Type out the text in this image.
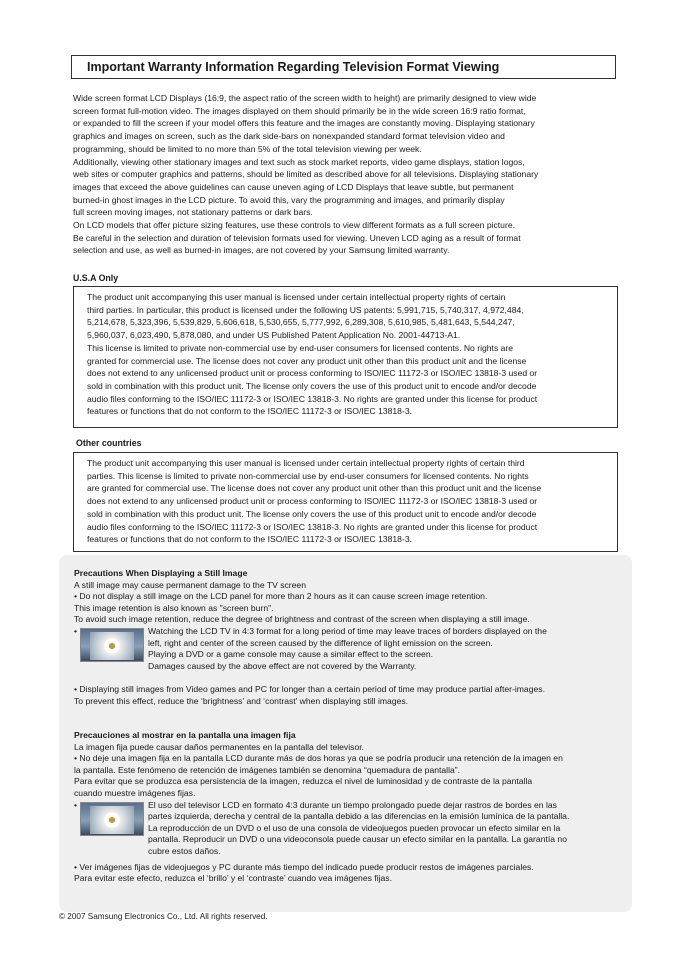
Important Warranty Information Regarding Television Format Viewing
Wide screen format LCD Displays (16:9, the aspect ratio of the screen width to height) are primarily designed to view wide
screen format full-motion video. The images displayed on them should primarily be in the wide screen 16:9 ratio format,
or expanded to fill the screen if your model offers this feature and the images are constantly moving. Displaying stationary
graphics and images on screen, such as the dark side-bars on nonexpanded standard format television video and
programming, should be limited to no more than 5% of the total television viewing per week.
Additionally, viewing other stationary images and text such as stock market reports, video game displays, station logos,
web sites or computer graphics and patterns, should be limited as described above for all televisions. Displaying stationary
images that exceed the above guidelines can cause uneven aging of LCD Displays that leave subtle, but permanent
burned-in ghost images in the LCD picture. To avoid this, vary the programming and images, and primarily display
full screen moving images, not stationary patterns or dark bars.
On LCD models that offer picture sizing features, use these controls to view different formats as a full screen picture.
Be careful in the selection and duration of television formats used for viewing. Uneven LCD aging as a result of format
selection and use, as well as burned-in images, are not covered by your Samsung limited warranty.
U.S.A Only
The product unit accompanying this user manual is licensed under certain intellectual property rights of certain
third parties. In particular, this product is licensed under the following US patents: 5,991,715, 5,740,317, 4,972,484,
5,214,678, 5,323,396, 5,539,829, 5,606,618, 5,530,655, 5,777,992, 6,289,308, 5,610,985, 5,481,643, 5,544,247,
5,960,037, 6,023,490, 5,878,080, and under US Published Patent Application No. 2001-44713-A1.
This license is limited to private non-commercial use by end-user consumers for licensed contents. No rights are
granted for commercial use. The license does not cover any product unit other than this product unit and the license
does not extend to any unlicensed product unit or process conforming to ISO/IEC 11172-3 or ISO/IEC 13818-3 used or
sold in combination with this product unit. The license only covers the use of this product unit to encode and/or decode
audio files conforming to the ISO/IEC 11172-3 or ISO/IEC 13818-3. No rights are granted under this license for product
features or functions that do not conform to the ISO/IEC 11172-3 or ISO/IEC 13818-3.
Other countries
The product unit accompanying this user manual is licensed under certain intellectual property rights of certain third
parties. This license is limited to private non-commercial use by end-user consumers for licensed contents. No rights
are granted for commercial use. The license does not cover any product unit other than this product unit and the license
does not extend to any unlicensed product unit or process conforming to ISO/IEC 11172-3 or ISO/IEC 13818-3 used or
sold in combination with this product unit. The license only covers the use of this product unit to encode and/or decode
audio files conforming to the ISO/IEC 11172-3 or ISO/IEC 13818-3. No rights are granted under this license for product
features or functions that do not conform to the ISO/IEC 11172-3 or ISO/IEC 13818-3.
Precautions When Displaying a Still Image
A still image may cause permanent damage to the TV screen
• Do not display a still image on the LCD panel for more than 2 hours as it can cause screen image retention.
This image retention is also known as "screen burn".
To avoid such image retention, reduce the degree of brightness and contrast of the screen when displaying a still image.
•	Watching the LCD TV in 4:3 format for a long period of time may leave traces of borders displayed on the
left, right and center of the screen caused by the difference of light emission on the screen.
Playing a DVD or a game console may cause a similar effect to the screen.
Damages caused by the above effect are not covered by the Warranty.
• Displaying still images from Video games and PC for longer than a certain period of time may produce partial after-images.
To prevent this effect, reduce the ‘brightness’ and ‘contrast’ when displaying still images.
Precauciones al mostrar en la pantalla una imagen fija
La imagen fija puede causar daños permanentes en la pantalla del televisor.
• No deje una imagen fija en la pantalla LCD durante más de dos horas ya que se podría producir una retención de la imagen en
la pantalla. Este fenómeno de retención de imágenes también se denomina “quemadura de pantalla”.
Para evitar que se produzca esa persistencia de la imagen, reduzca el nivel de luminosidad y de contraste de la pantalla
cuando muestre imágenes fijas.
•	El uso del televisor LCD en formato 4:3 durante un tiempo prolongado puede dejar rastros de bordes en las
partes izquierda, derecha y central de la pantalla debido a las diferencias en la emisión lumínica de la pantalla.
La reproducción de un DVD o el uso de una consola de videojuegos pueden provocar un efecto similar en la
pantalla. Reproducir un DVD o una videoconsola puede causar un efecto similar en la pantalla. La garantía no
cubre estos daños.
• Ver imágenes fijas de videojuegos y PC durante más tiempo del indicado puede producir restos de imágenes parciales.
Para evitar este efecto, reduzca el ‘brillo’ y el ‘contraste’ cuando vea imágenes fijas.
© 2007 Samsung Electronics Co., Ltd. All rights reserved.
